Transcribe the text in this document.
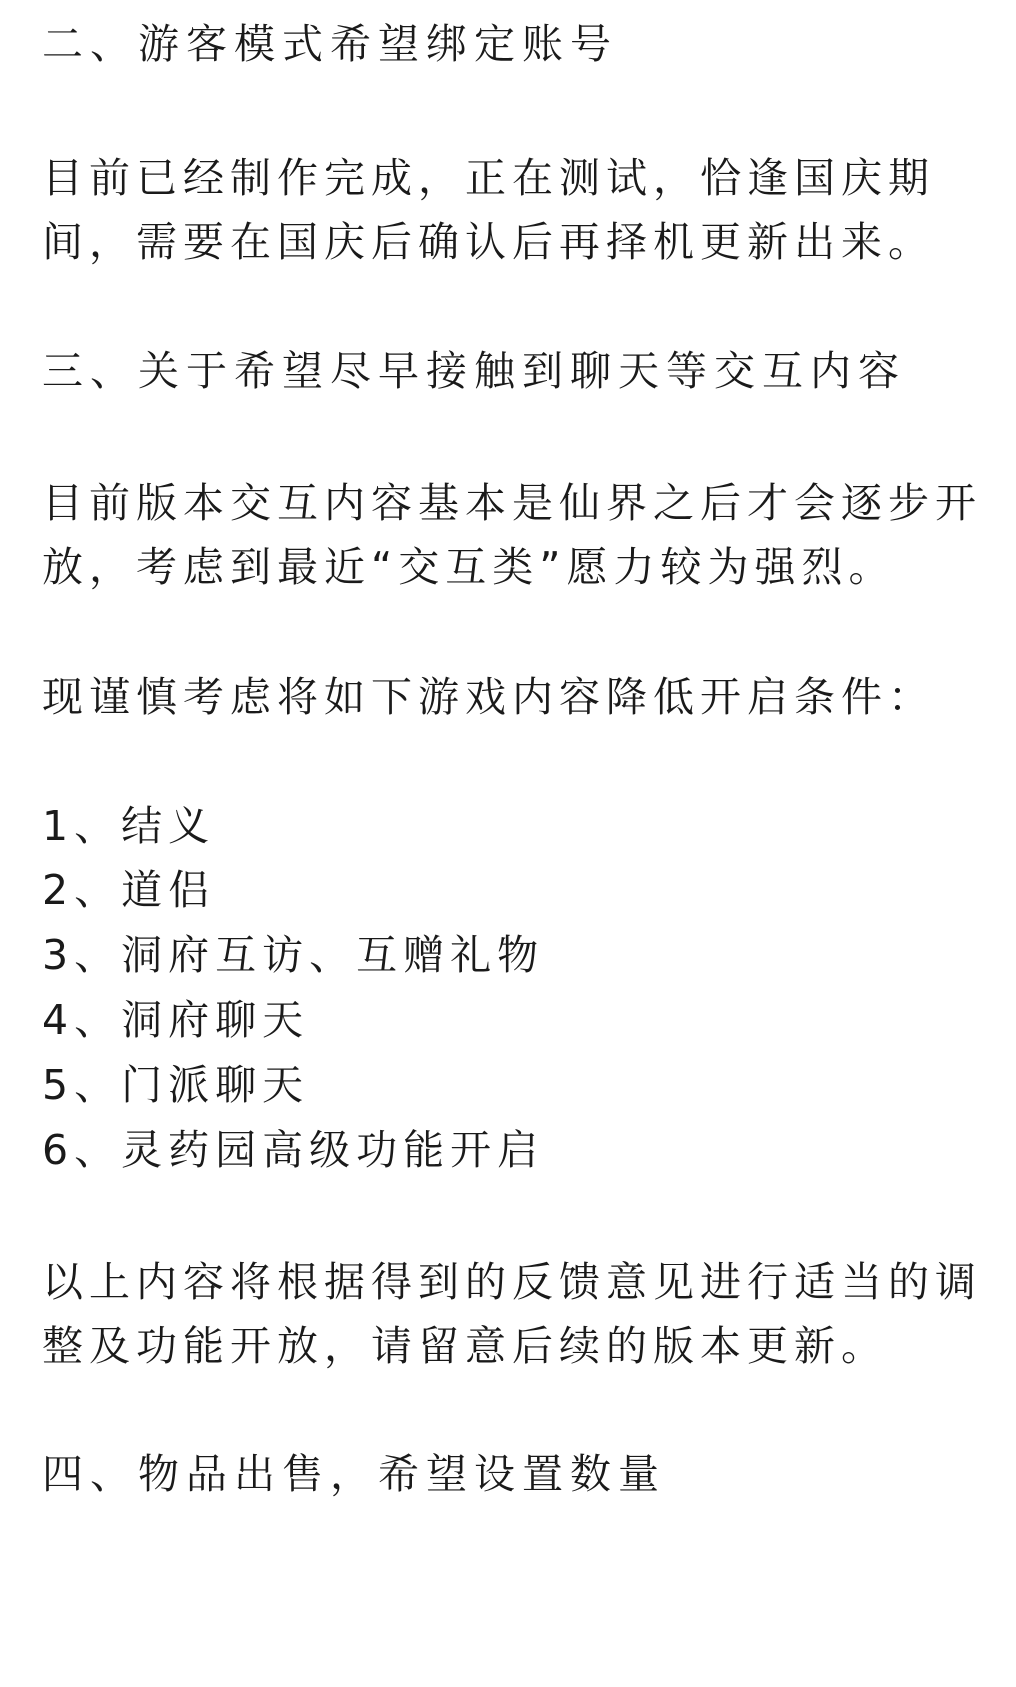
二、游客模式希望绑定账号
目前已经制作完成，正在测试，恰逢国庆期
间，需要在国庆后确认后再择机更新出来。
三、关于希望尽早接触到聊天等交互内容
目前版本交互内容基本是仙界之后才会逐步开
放，考虑到最近“交互类”愿力较为强烈。
现谨慎考虑将如下游戏内容降低开启条件：
1、结义
2、道侣
3、洞府互访、互赠礼物
4、洞府聊天
5、门派聊天
6、灵药园高级功能开启
以上内容将根据得到的反馈意见进行适当的调
整及功能开放，请留意后续的版本更新。
四、物品出售，希望设置数量
